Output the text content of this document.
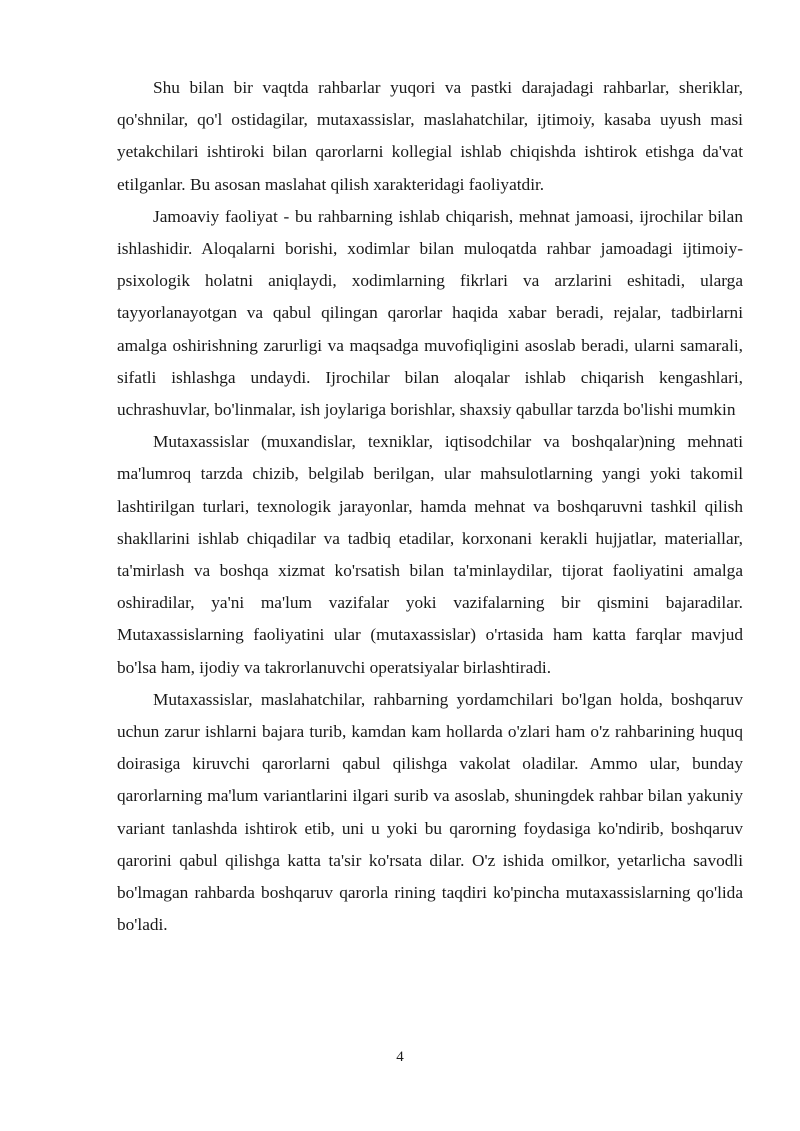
Shu bilan bir vaqtda rahbarlar yuqori va pastki darajadagi rahbarlar, sheriklar, qo'shnilar, qo'l ostidagilar, mutaxassislar, maslahatchilar, ijtimoiy, kasaba uyush masi yetakchilari ishtiroki bilan qarorlarni kollegial ishlab chiqishda ishtirok etishga da'vat etilganlar. Bu asosan maslahat qilish xarakteridagi faoliyatdir.

Jamoaviy faoliyat - bu rahbarning ishlab chiqarish, mehnat jamoasi, ijrochilar bilan ishlashidir. Aloqalarni borishi, xodimlar bilan muloqatda rahbar jamoadagi ijtimoiy-psixologik holatni aniqlaydi, xodimlarning fikrlari va arzlarini eshitadi, ularga tayyorlanayotgan va qabul qilingan qarorlar haqida xabar beradi, rejalar, tadbirlarni amalga oshirishning zarurligi va maqsadga muvofiqligini asoslab beradi, ularni samarali, sifatli ishlashga undaydi. Ijrochilar bilan aloqalar ishlab chiqarish kengashlari, uchrashuvlar, bo'linmalar, ish joylariga borishlar, shaxsiy qabullar tarzda bo'lishi mumkin

Mutaxassislar (muxandislar, texniklar, iqtisodchilar va boshqalar)ning mehnati ma'lumroq tarzda chizib, belgilab berilgan, ular mahsulotlarning yangi yoki takomil lashtirilgan turlari, texnologik jarayonlar, hamda mehnat va boshqaruvni tashkil qilish shakllarini ishlab chiqadilar va tadbiq etadilar, korxonani kerakli hujjatlar, materiallar, ta'mirlash va boshqa xizmat ko'rsatish bilan ta'minlaydilar, tijorat faoliyatini amalga oshiradilar, ya'ni ma'lum vazifalar yoki vazifalarning bir qismini bajaradilar. Mutaxassislarning faoliyatini ular (mutaxassislar) o'rtasida ham katta farqlar mavjud bo'lsa ham, ijodiy va takrorlanuvchi operatsiyalar birlashtiradi.

Mutaxassislar, maslahatchilar, rahbarning yordamchilari bo'lgan holda, boshqaruv uchun zarur ishlarni bajara turib, kamdan kam hollarda o'zlari ham o'z rahbarining huquq doirasiga kiruvchi qarorlarni qabul qilishga vakolat oladilar. Ammo ular, bunday qarorlarning ma'lum variantlarini ilgari surib va asoslab, shuningdek rahbar bilan yakuniy variant tanlashda ishtirok etib, uni u yoki bu qarorning foydasiga ko'ndirib, boshqaruv qarorini qabul qilishga katta ta'sir ko'rsata dilar. O'z ishida omilkor, yetarlicha savodli bo'lmagan rahbarda boshqaruv qarorla rining taqdiri ko'pincha mutaxassislarning qo'lida bo'ladi.

4
